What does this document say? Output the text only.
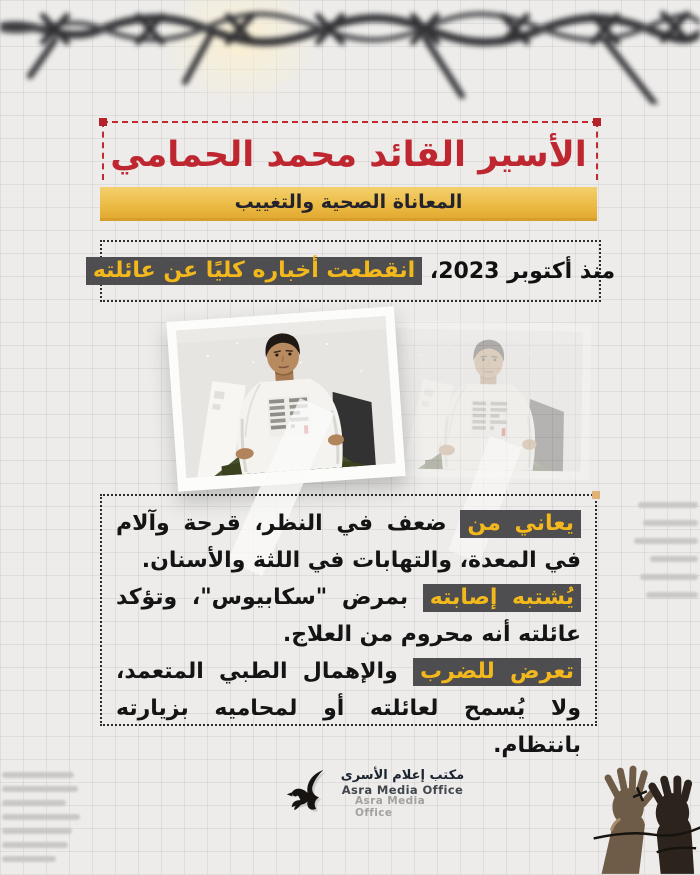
الأسير القائد محمد الحمامي
المعاناة الصحية والتغييب
منذ أكتوبر 2023،

انقطعت أخباره كليًا عن عائلته

يعاني من ضعف في النظر، قرحة وآلام في المعدة، والتهابات في اللثة والأسنان.

يُشتبه إصابته بمرض "سكابيوس"، وتؤكد عائلته أنه محروم من العلاج.

تعرض للضرب والإهمال الطبي المتعمد، ولا يُسمح لعائلته أو لمحاميه بزيارته بانتظام.

مكتب إعلام الأسرى
Asra Media Office
Asra Media Office
